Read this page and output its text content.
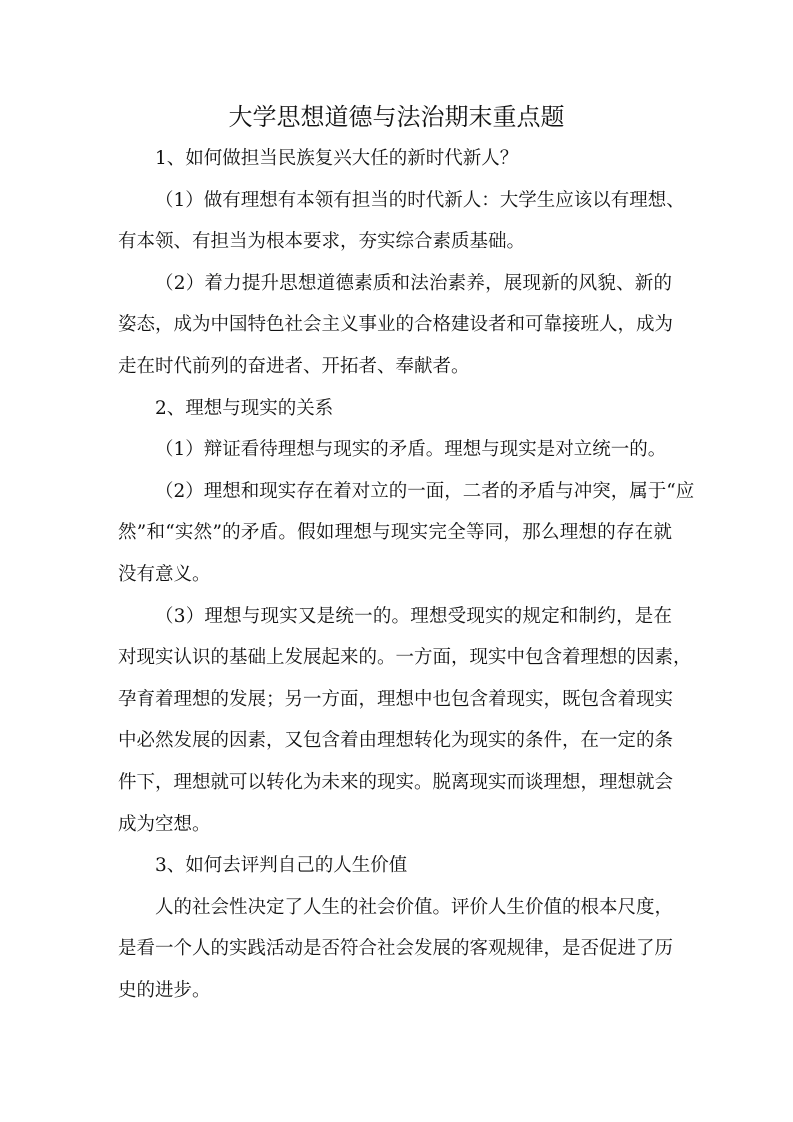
大学思想道德与法治期末重点题
1、如何做担当民族复兴大任的新时代新人？
（1）做有理想有本领有担当的时代新人：大学生应该以有理想、
有本领、有担当为根本要求，夯实综合素质基础。
（2）着力提升思想道德素质和法治素养，展现新的风貌、新的
姿态，成为中国特色社会主义事业的合格建设者和可靠接班人，成为
走在时代前列的奋进者、开拓者、奉献者。
2、理想与现实的关系
（1）辩证看待理想与现实的矛盾。理想与现实是对立统一的。
（2）理想和现实存在着对立的一面，二者的矛盾与冲突，属于“应
然”和“实然”的矛盾。假如理想与现实完全等同，那么理想的存在就
没有意义。
（3）理想与现实又是统一的。理想受现实的规定和制约，是在
对现实认识的基础上发展起来的。一方面，现实中包含着理想的因素，
孕育着理想的发展；另一方面，理想中也包含着现实，既包含着现实
中必然发展的因素，又包含着由理想转化为现实的条件，在一定的条
件下，理想就可以转化为未来的现实。脱离现实而谈理想，理想就会
成为空想。
3、如何去评判自己的人生价值
人的社会性决定了人生的社会价值。评价人生价值的根本尺度，
是看一个人的实践活动是否符合社会发展的客观规律，是否促进了历
史的进步。
